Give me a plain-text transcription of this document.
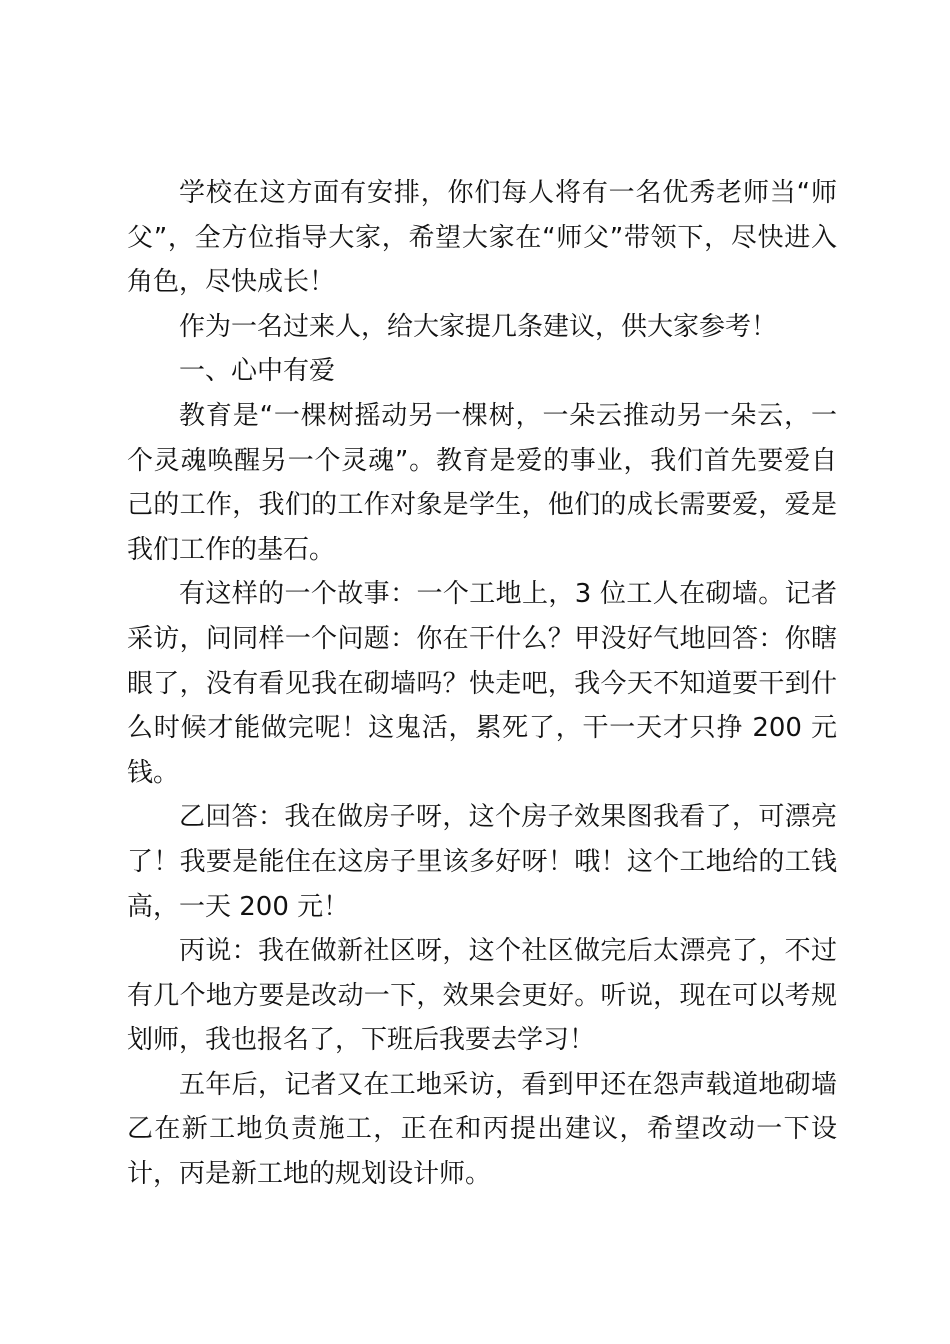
学校在这方面有安排，你们每人将有一名优秀老师当“师父”，全方位指导大家，希望大家在“师父”带领下，尽快进入角色，尽快成长！

作为一名过来人，给大家提几条建议，供大家参考！

一、心中有爱

教育是“一棵树摇动另一棵树，一朵云推动另一朵云，一个灵魂唤醒另一个灵魂”。教育是爱的事业，我们首先要爱自己的工作，我们的工作对象是学生，他们的成长需要爱，爱是我们工作的基石。

有这样的一个故事：一个工地上，3 位工人在砌墙。记者采访，问同样一个问题：你在干什么？甲没好气地回答：你瞎眼了，没有看见我在砌墙吗？快走吧，我今天不知道要干到什么时候才能做完呢！这鬼活，累死了，干一天才只挣 200 元钱。

乙回答：我在做房子呀，这个房子效果图我看了，可漂亮了！我要是能住在这房子里该多好呀！哦！这个工地给的工钱高，一天 200 元！

丙说：我在做新社区呀，这个社区做完后太漂亮了，不过有几个地方要是改动一下，效果会更好。听说，现在可以考规划师，我也报名了，下班后我要去学习！

五年后，记者又在工地采访，看到甲还在怨声载道地砌墙乙在新工地负责施工，正在和丙提出建议，希望改动一下设计，丙是新工地的规划设计师。
